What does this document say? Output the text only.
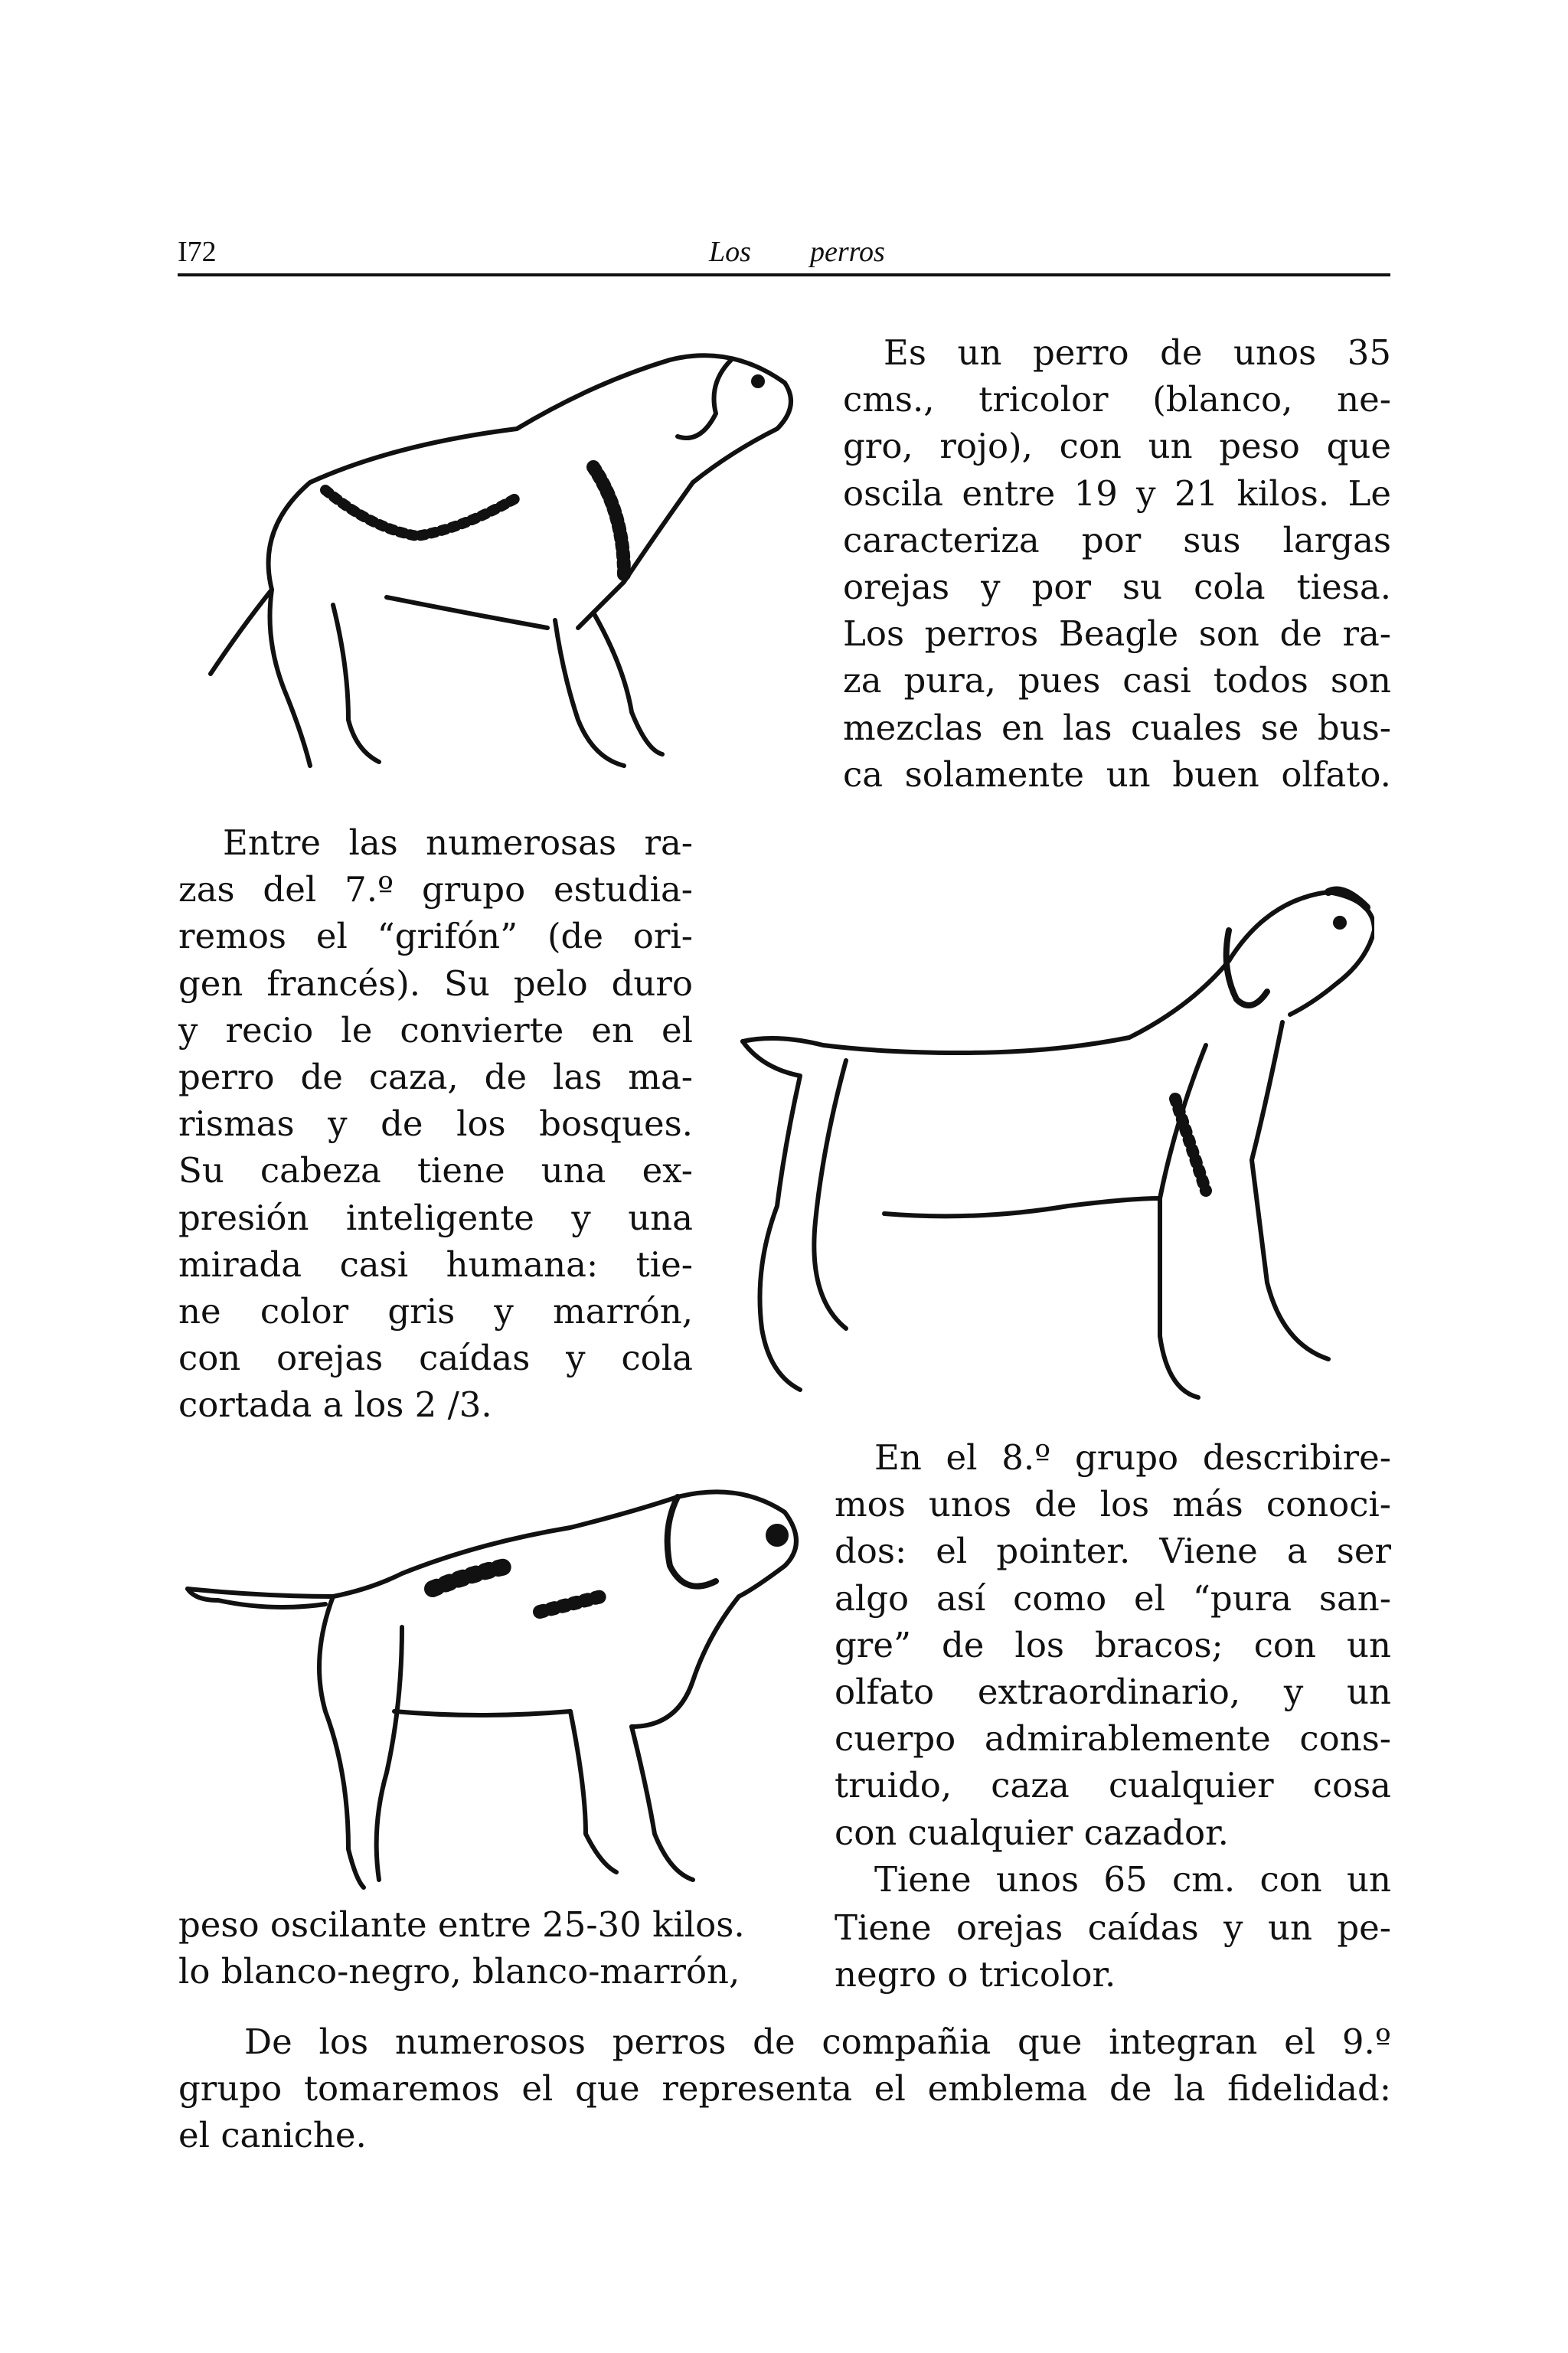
I72	Los perros
Es un perro de unos 35
cms., tricolor (blanco, ne-
gro, rojo), con un peso que
oscila entre 19 y 21 kilos. Le
caracteriza por sus largas
orejas y por su cola tiesa.
Los perros Beagle son de ra-
za pura, pues casi todos son
mezclas en las cuales se bus-
ca solamente un buen olfato.
Entre las numerosas ra-
zas del 7.º grupo estudia-
remos el “grifón” (de ori-
gen francés). Su pelo duro
y recio le convierte en el
perro de caza, de las ma-
rismas y de los bosques.
Su cabeza tiene una ex-
presión inteligente y una
mirada casi humana: tie-
ne color gris y marrón,
con orejas caídas y cola
cortada a los 2 /3.
En el 8.º grupo describire-
mos unos de los más conoci-
dos: el pointer. Viene a ser
algo así como el “pura san-
gre” de los bracos; con un
olfato extraordinario, y un
cuerpo admirablemente cons-
truido, caza cualquier cosa
con cualquier cazador.
Tiene unos 65 cm. con un
peso oscilante entre 25-30 kilos.
lo blanco-negro, blanco-marrón,
Tiene orejas caídas y un pe-
negro o tricolor.
De los numerosos perros de compañia que integran el 9.º
grupo tomaremos el que representa el emblema de la fidelidad:
el caniche.
